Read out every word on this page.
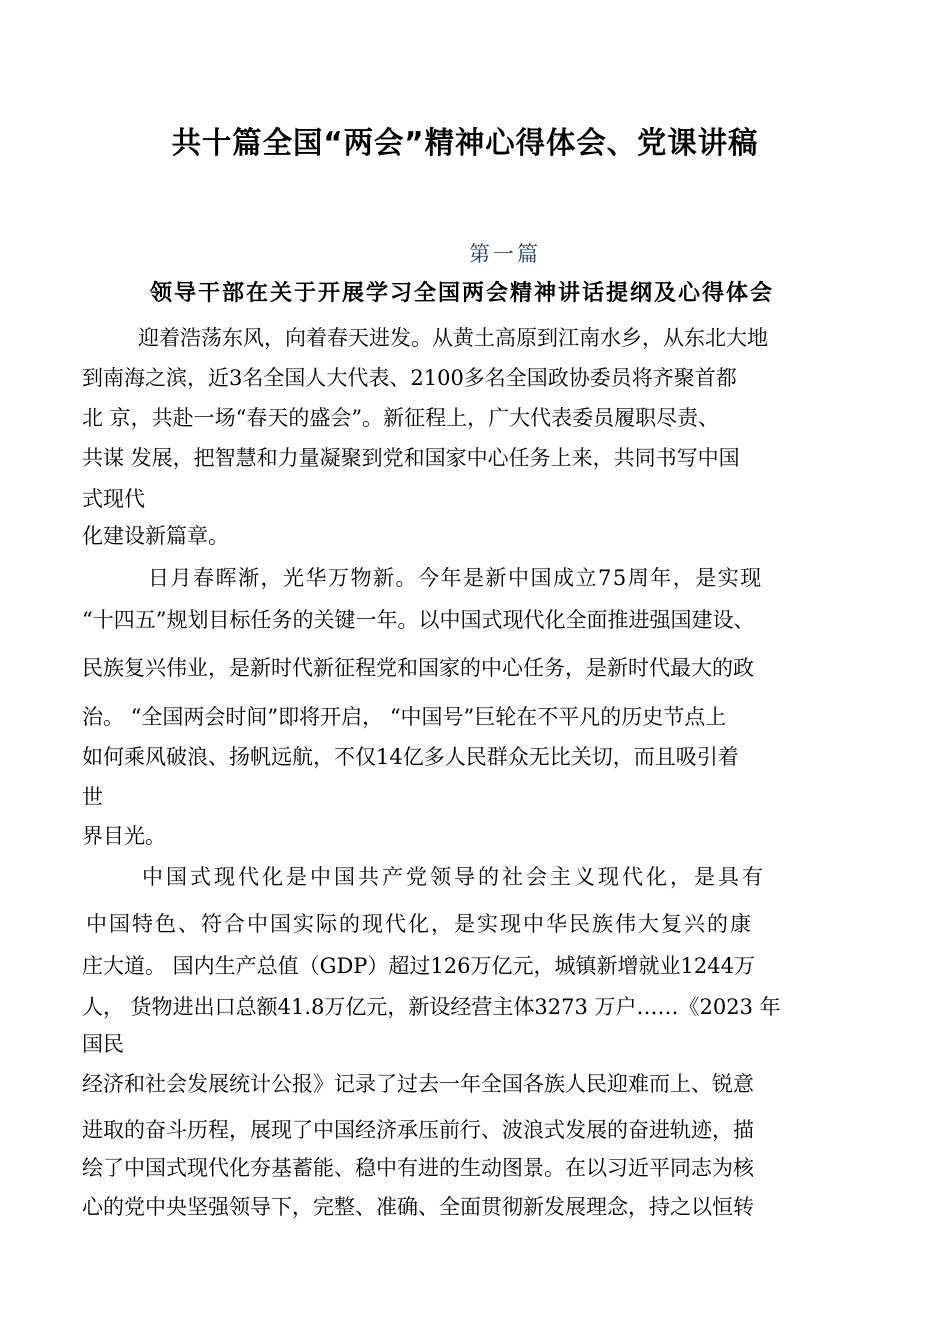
共十篇全国“两会”精神心得体会、党课讲稿
第一篇
领导干部在关于开展学习全国两会精神讲话提纲及心得体会
迎着浩荡东风，向着春天进发。从黄土高原到江南水乡，从东北大地
到南海之滨，近3名全国人大代表、2100多名全国政协委员将齐聚首都
北 京，共赴一场“春天的盛会”。新征程上，广大代表委员履职尽责、
共谋 发展，把智慧和力量凝聚到党和国家中心任务上来，共同书写中国
式现代
化建设新篇章。
日月春晖渐，光华万物新。今年是新中国成立75周年，是实现
“十四五”规划目标任务的关键一年。以中国式现代化全面推进强国建设、
民族复兴伟业，是新时代新征程党和国家的中心任务，是新时代最大的政
治。 “全国两会时间”即将开启， “中国号”巨轮在不平凡的历史节点上
如何乘风破浪、扬帆远航，不仅14亿多人民群众无比关切，而且吸引着
世
界目光。
中国式现代化是中国共产党领导的社会主义现代化，是具有
中国特色、符合中国实际的现代化，是实现中华民族伟大复兴的康
庄大道。 国内生产总值（GDP）超过126万亿元，城镇新增就业1244万
人， 货物进出口总额41.8万亿元，新设经营主体3273 万户……《2023 年
国民
经济和社会发展统计公报》记录了过去一年全国各族人民迎难而上、锐意
进取的奋斗历程，展现了中国经济承压前行、波浪式发展的奋进轨迹，描
绘了中国式现代化夯基蓄能、稳中有进的生动图景。在以习近平同志为核
心的党中央坚强领导下，完整、准确、全面贯彻新发展理念，持之以恒转
